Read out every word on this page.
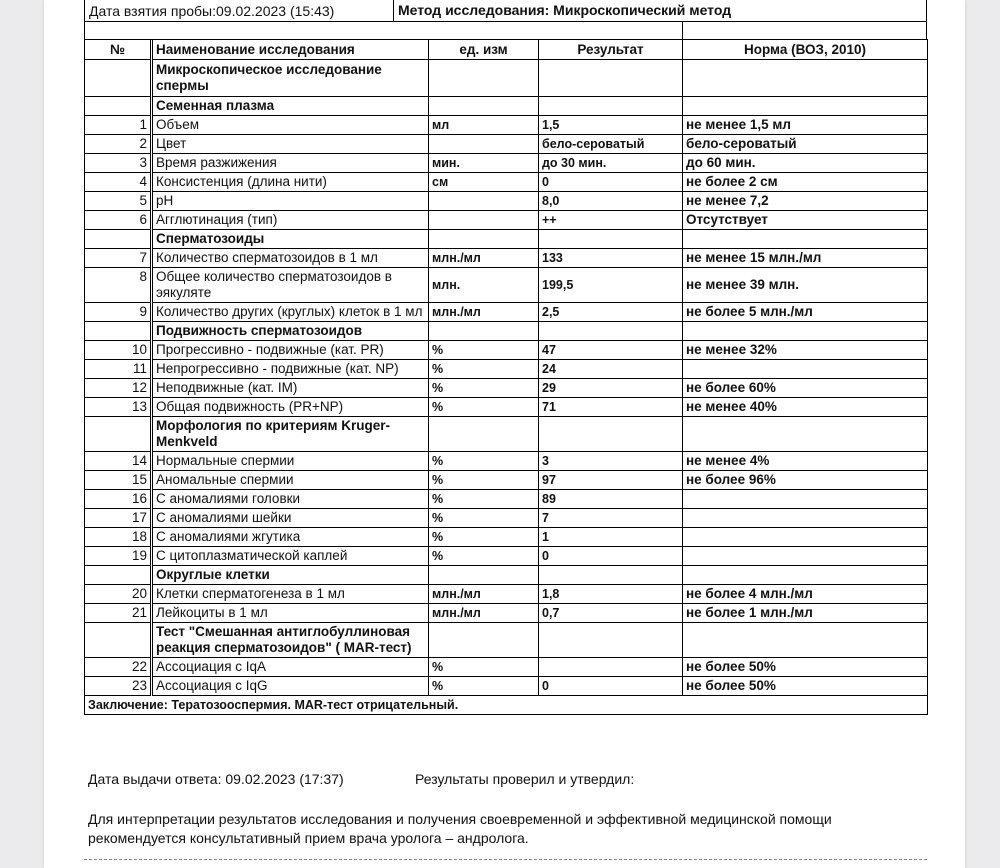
Дата взятия пробы:09.02.2023 (15:43)	Метод исследования: Микроскопический метод
№	Наименование исследования	ед. изм	Результат	Норма (ВОЗ, 2010)
	Микроскопическое исследование спермы			
	Семенная плазма			
1	Объем	мл	1,5	не менее 1,5 мл
2	Цвет		бело-сероватый	бело-сероватый
3	Время разжижения	мин.	до 30 мин.	до 60 мин.
4	Консистенция (длина нити)	см	0	не более 2 см
5	pH		8,0	не менее 7,2
6	Агглютинация (тип)		++	Отсутствует
	Сперматозоиды			
7	Количество сперматозоидов в 1 мл	млн./мл	133	не менее 15 млн./мл
8	Общее количество сперматозоидов в эякуляте	млн.	199,5	не менее 39 млн.
9	Количество других (круглых) клеток в 1 мл	млн./мл	2,5	не более 5 млн./мл
	Подвижность сперматозоидов			
10	Прогрессивно - подвижные (кат. PR)	%	47	не менее 32%
11	Непрогрессивно - подвижные (кат. NP)	%	24	
12	Неподвижные (кат. IM)	%	29	не более 60%
13	Общая подвижность (PR+NP)	%	71	не менее 40%
	Морфология по критериям Kruger-Menkveld			
14	Нормальные спермии	%	3	не менее 4%
15	Аномальные спермии	%	97	не более 96%
16	С аномалиями головки	%	89	
17	С аномалиями шейки	%	7	
18	С аномалиями жгутика	%	1	
19	С цитоплазматической каплей	%	0	
	Округлые клетки			
20	Клетки сперматогенеза в 1 мл	млн./мл	1,8	не более 4 млн./мл
21	Лейкоциты в 1 мл	млн./мл	0,7	не более 1 млн./мл
	Тест "Смешанная антиглобуллиновая реакция сперматозоидов" ( MAR-тест)			
22	Ассоциация с IqA	%		не более 50%
23	Ассоциация с IqG	%	0	не более 50%
Заключение: Тератозооспермия. MAR-тест отрицательный.				
Дата выдачи ответа: 09.02.2023 (17:37)	Результаты проверил и утвердил:
Для интерпретации результатов исследования и получения своевременной и эффективной медицинской помощи рекомендуется консультативный прием врача уролога – андролога.
